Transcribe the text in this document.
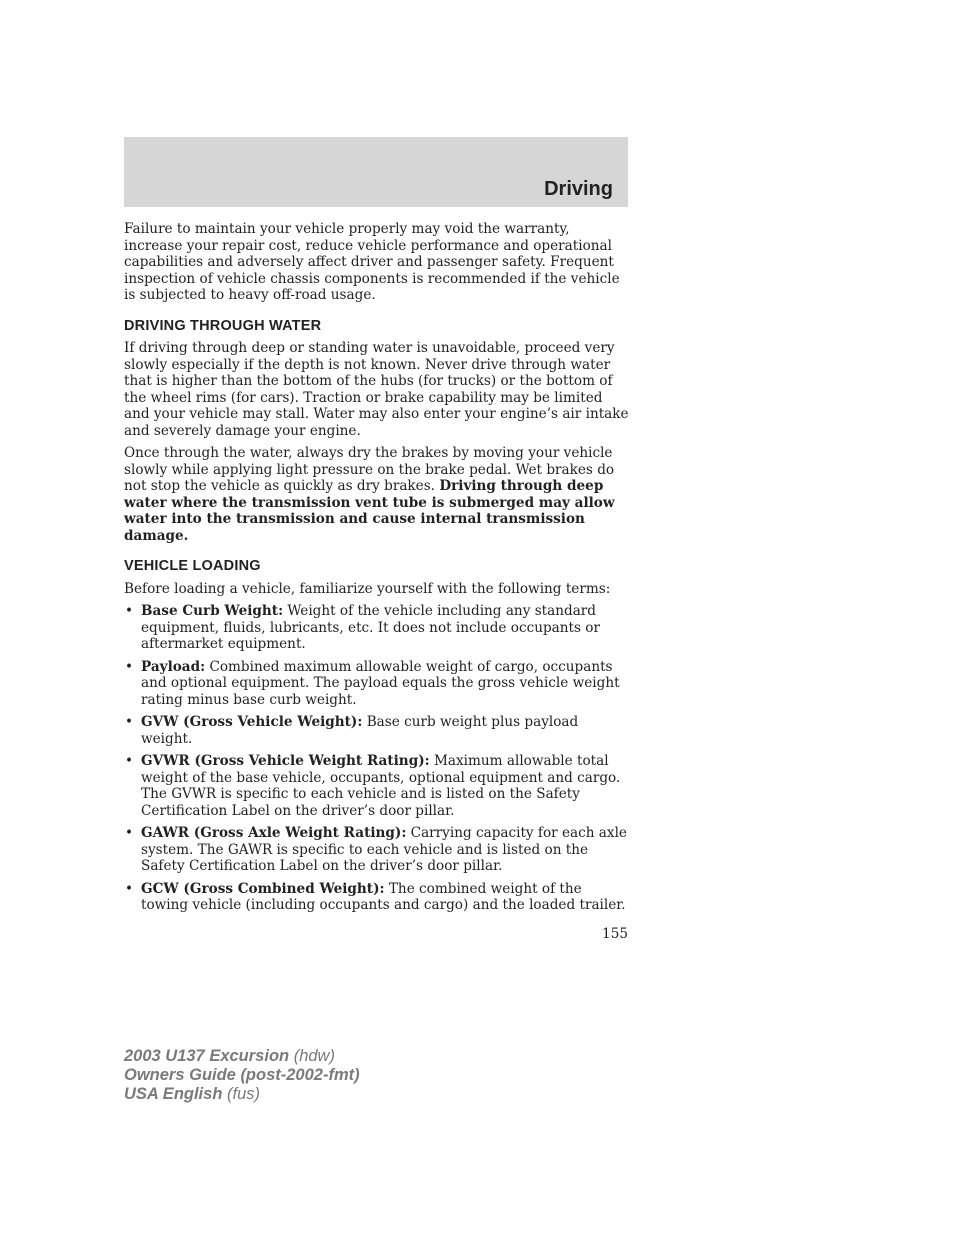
Driving

Failure to maintain your vehicle properly may void the warranty, increase your repair cost, reduce vehicle performance and operational capabilities and adversely affect driver and passenger safety. Frequent inspection of vehicle chassis components is recommended if the vehicle is subjected to heavy off-road usage.

DRIVING THROUGH WATER

If driving through deep or standing water is unavoidable, proceed very slowly especially if the depth is not known. Never drive through water that is higher than the bottom of the hubs (for trucks) or the bottom of the wheel rims (for cars). Traction or brake capability may be limited and your vehicle may stall. Water may also enter your engine’s air intake and severely damage your engine.

Once through the water, always dry the brakes by moving your vehicle slowly while applying light pressure on the brake pedal. Wet brakes do not stop the vehicle as quickly as dry brakes. Driving through deep water where the transmission vent tube is submerged may allow water into the transmission and cause internal transmission damage.

VEHICLE LOADING

Before loading a vehicle, familiarize yourself with the following terms:

• Base Curb Weight: Weight of the vehicle including any standard equipment, fluids, lubricants, etc. It does not include occupants or aftermarket equipment.
• Payload: Combined maximum allowable weight of cargo, occupants and optional equipment. The payload equals the gross vehicle weight rating minus base curb weight.
• GVW (Gross Vehicle Weight): Base curb weight plus payload weight.
• GVWR (Gross Vehicle Weight Rating): Maximum allowable total weight of the base vehicle, occupants, optional equipment and cargo. The GVWR is specific to each vehicle and is listed on the Safety Certification Label on the driver’s door pillar.
• GAWR (Gross Axle Weight Rating): Carrying capacity for each axle system. The GAWR is specific to each vehicle and is listed on the Safety Certification Label on the driver’s door pillar.
• GCW (Gross Combined Weight): The combined weight of the towing vehicle (including occupants and cargo) and the loaded trailer.
155
2003 U137 Excursion (hdw)
Owners Guide (post-2002-fmt)
USA English (fus)
